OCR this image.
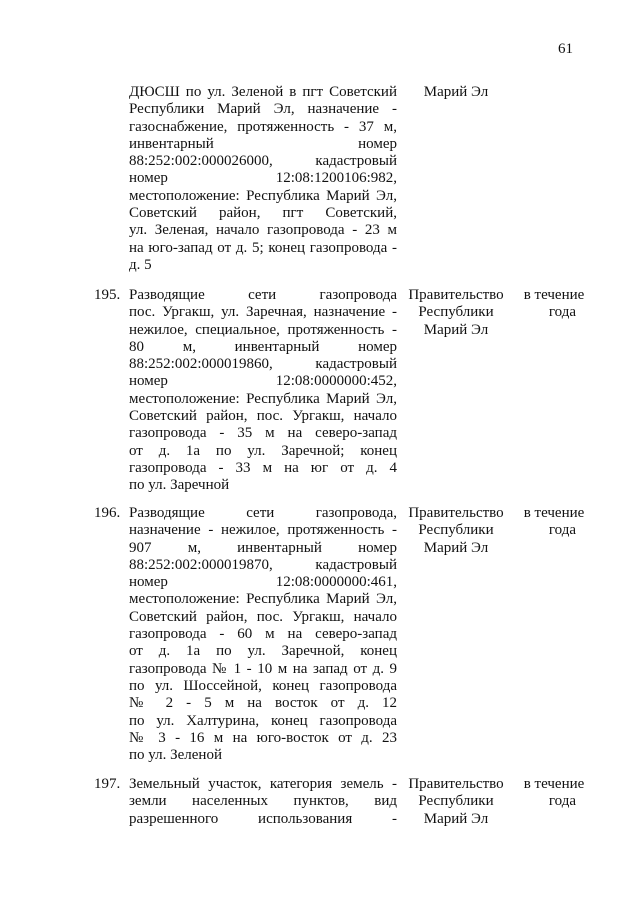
61
ДЮСШ по ул. Зеленой в пгт Советский
Республики Марий Эл, назначение -
газоснабжение, протяженность - 37 м,
инвентарный номер
88:252:002:000026000, кадастровый
номер 12:08:1200106:982,
местоположение: Республика Марий Эл,
Советский район, пгт Советский,
ул. Зеленая, начало газопровода - 23 м
на юго-запад от д. 5; конец газопровода -
д. 5
Марий Эл
195. Разводящие сети газопровода
пос. Ургакш, ул. Заречная, назначение -
нежилое, специальное, протяженность -
80 м, инвентарный номер
88:252:002:000019860, кадастровый
номер 12:08:0000000:452,
местоположение: Республика Марий Эл,
Советский район, пос. Ургакш, начало
газопровода - 35 м на северо-запад
от д. 1а по ул. Заречной; конец
газопровода - 33 м на юг от д. 4
по ул. Заречной
Правительство
Республики
Марий Эл
в течение
года
196. Разводящие сети газопровода,
назначение - нежилое, протяженность -
907 м, инвентарный номер
88:252:002:000019870, кадастровый
номер 12:08:0000000:461,
местоположение: Республика Марий Эл,
Советский район, пос. Ургакш, начало
газопровода - 60 м на северо-запад
от д. 1а по ул. Заречной, конец
газопровода № 1 - 10 м на запад от д. 9
по ул. Шоссейной, конец газопровода
№ 2 - 5 м на восток от д. 12
по ул. Халтурина, конец газопровода
№ 3 - 16 м на юго-восток от д. 23
по ул. Зеленой
Правительство
Республики
Марий Эл
в течение
года
197. Земельный участок, категория земель -
земли населенных пунктов, вид
разрешенного использования -
Правительство
Республики
Марий Эл
в течение
года
